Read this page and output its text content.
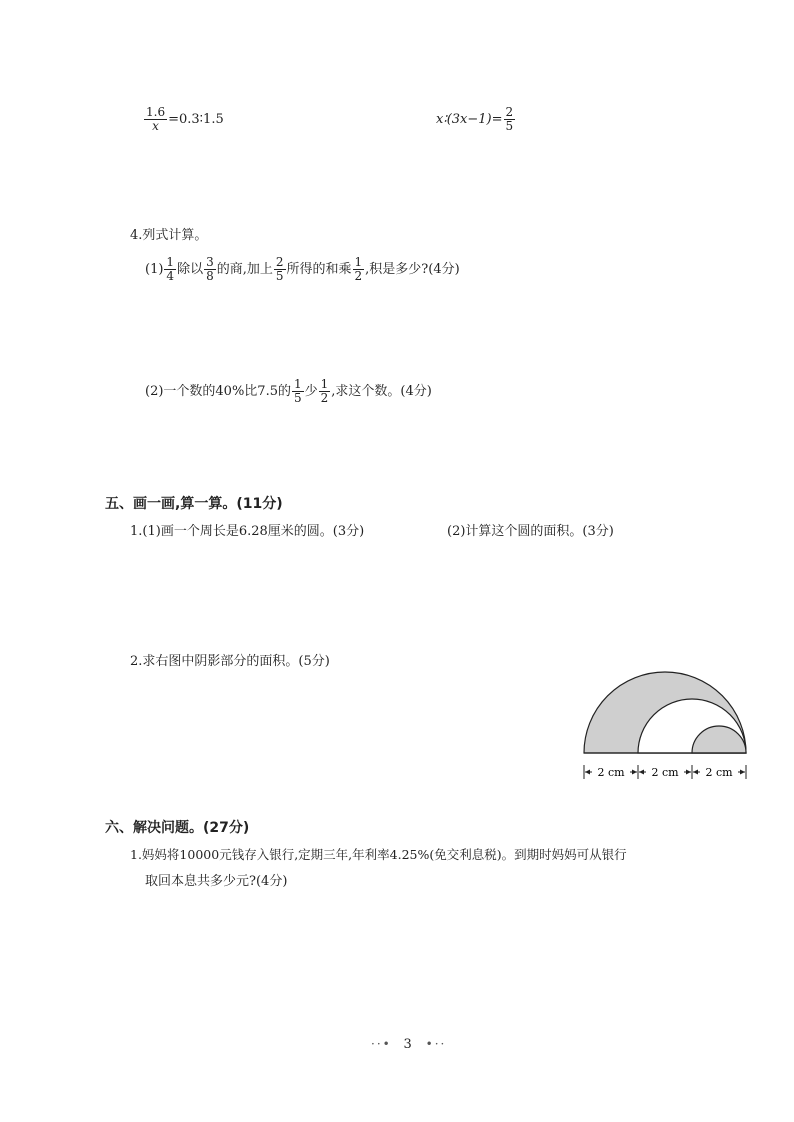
$\frac{1.6}{x}$ =0.3∶1.5	x∶(3x−1)= $\frac{2}{5}$
4.列式计算。
$(1) \frac{1}{4}$ 除以 $\frac{3}{8}$ 的商,加上 $\frac{2}{5}$ 所得的和乘 $\frac{1}{2}$ ,积是多少?(4分)
(2)一个数的40%比7.5的 $\frac{1}{5}$ 少 $\frac{1}{2}$ ,求这个数。(4分)
五、画一画,算一算。(11分)
1.(1)画一个周长是6.28厘米的圆。(3分)	(2)计算这个圆的面积。(3分)
2.求右图中阴影部分的面积。(5分)
2 cm 2 cm 2 cm
六、解决问题。(27分)
1.妈妈将10000元钱存入银行,定期三年,年利率4.25%(免交利息税)。到期时妈妈可从银行
取回本息共多少元?(4分)
··• 3 •··
